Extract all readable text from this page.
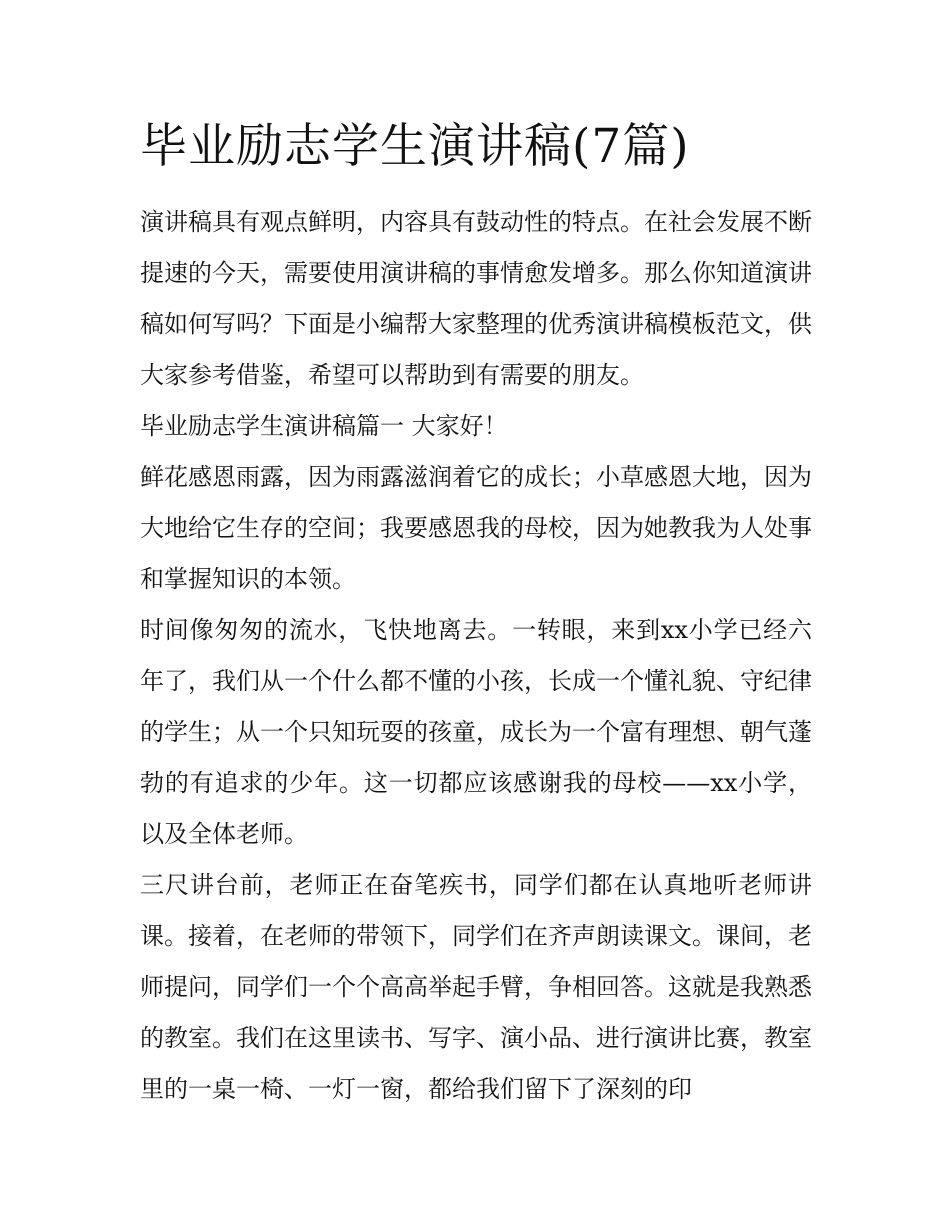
毕业励志学生演讲稿(7篇)

演讲稿具有观点鲜明，内容具有鼓动性的特点。在社会发展不断提速的今天，需要使用演讲稿的事情愈发增多。那么你知道演讲稿如何写吗？下面是小编帮大家整理的优秀演讲稿模板范文，供大家参考借鉴，希望可以帮助到有需要的朋友。

毕业励志学生演讲稿篇一 大家好！

鲜花感恩雨露，因为雨露滋润着它的成长；小草感恩大地，因为大地给它生存的空间；我要感恩我的母校，因为她教我为人处事和掌握知识的本领。

时间像匆匆的流水，飞快地离去。一转眼，来到xx小学已经六年了，我们从一个什么都不懂的小孩，长成一个懂礼貌、守纪律的学生；从一个只知玩耍的孩童，成长为一个富有理想、朝气蓬勃的有追求的少年。这一切都应该感谢我的母校——xx小学，以及全体老师。

三尺讲台前，老师正在奋笔疾书，同学们都在认真地听老师讲课。接着，在老师的带领下，同学们在齐声朗读课文。课间，老师提问，同学们一个个高高举起手臂，争相回答。这就是我熟悉的教室。我们在这里读书、写字、演小品、进行演讲比赛，教室里的一桌一椅、一灯一窗，都给我们留下了深刻的印
